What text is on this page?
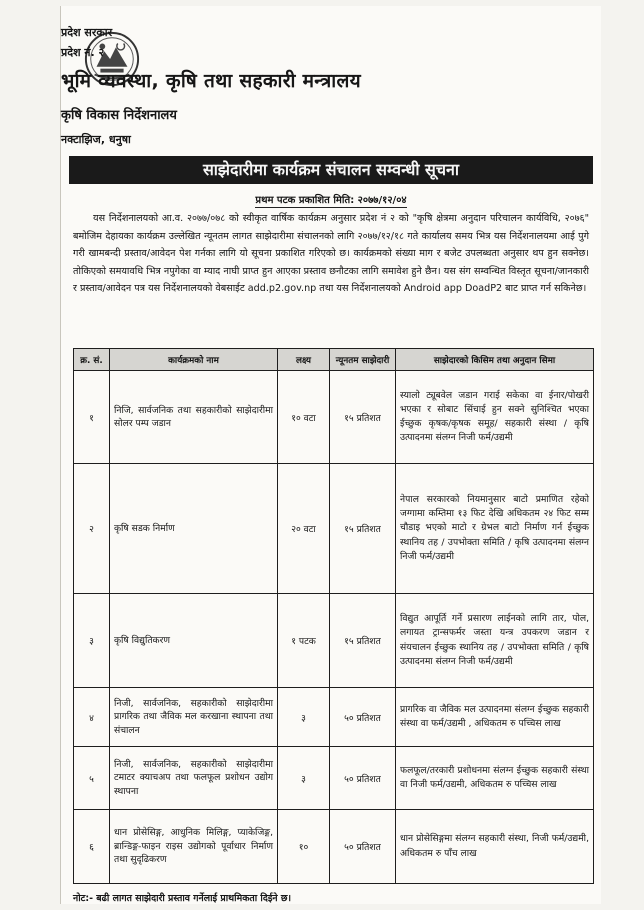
प्रदेश सरकार
प्रदेश नं. २
भूमि व्यवस्था, कृषि तथा सहकारी मन्त्रालय
कृषि विकास निर्देशनालय
नक्टाझिज, धनुषा
साझेदारीमा कार्यक्रम संचालन सम्वन्धी सूचना
प्रथम पटक प्रकाशित मिति: २०७७/१२/०४
यस निर्देशनालयको आ.व. २०७७/०७८ को स्वीकृत वार्षिक कार्यक्रम अनुसार प्रदेश नं २ को "कृषि क्षेत्रमा अनुदान परिचालन कार्यविधि, २०७६" बमोजिम देहायका कार्यक्रम उल्लेखित न्यूनतम लागत साझेदारीमा संचालनको लागि २०७७/१२/१८ गते कार्यालय समय भित्र यस निर्देशनालयमा आई पुगे गरी खामबन्दी प्रस्ताव/आवेदन पेश गर्नका लागि यो सूचना प्रकाशित गरिएको छ। कार्यक्रमको संख्या माग र बजेट उपलब्धता अनुसार थप हुन सक्नेछ। तोकिएको समयावधि भित्र नपुगेका वा म्याद नाघी प्राप्त हुन आएका प्रस्ताव छनौटका लागि समावेश हुने छैन। यस संग सम्वन्धित विस्तृत सूचना/जानकारी र प्रस्ताव/आवेदन पत्र यस निर्देशनालयको वेबसाईट add.p2.gov.np तथा यस निर्देशनालयको Android app DoadP2 बाट प्राप्त गर्न सकिनेछ।
क्र. सं.	कार्यक्रमको नाम	लक्ष्य	न्यूनतम साझेदारी	साझेदारको किसिम तथा अनुदान सिमा
१	निजि, सार्वजनिक तथा सहकारीको साझेदारीमा सोलर पम्प जडान	१० वटा	१५ प्रतिशत	स्यालो ट्यूबवेल जडान गराई सकेका वा ईनार/पोखरी भएका र सोबाट सिंचाई हुन सक्ने सुनिश्चित भएका ईच्छुक कृषक/कृषक समूह/ सहकारी संस्था / कृषि उत्पादनमा संलग्न निजी फर्म/उद्यमी
२	कृषि सडक निर्माण	२० वटा	१५ प्रतिशत	नेपाल सरकारको नियमानुसार बाटो प्रमाणित रहेको जग्गामा कम्तिमा १३ फिट देखि अधिकतम २४ फिट सम्म चौडाइ भएको माटो र ग्रेभल बाटो निर्माण गर्न ईच्छुक स्थानिय तह / उपभोक्ता समिति / कृषि उत्पादनमा संलग्न निजी फर्म/उद्यमी
३	कृषि विद्युतिकरण	१ पटक	१५ प्रतिशत	विद्युत आपूर्ति गर्ने प्रसारण लाईनको लागि तार, पोल, लगायत ट्रान्सफर्मर जस्ता यन्त्र उपकरण जडान र संयचालन ईच्छुक स्थानिय तह / उपभोक्ता समिति / कृषि उत्पादनमा संलग्न निजी फर्म/उद्यमी
४	निजी, सार्वजनिक, सहकारीको साझेदारीमा प्रागरिक तथा जैविक मल करखाना स्थापना तथा संचालन	३	५० प्रतिशत	प्रागरिक वा जैविक मल उत्पादनमा संलग्न ईच्छुक सहकारी संस्था वा फर्म/उद्यमी , अधिकतम रु पच्चिस लाख
५	निजी, सार्वजनिक, सहकारीको साझेदारीमा टमाटर क्याचअप तथा फलफूल प्रशोधन उद्योग स्थापना	३	५० प्रतिशत	फलफूल/तरकारी प्रशोधनमा संलग्न ईच्छुक सहकारी संस्था वा निजी फर्म/उद्यमी, अधिकतम रु पच्चिस लाख
६	धान प्रोसेसिङ्ग, आधुनिक मिलिङ्ग, प्याकेजिङ्ग, ब्रान्डिङ्ग-फाइन राइस उद्योगको पूर्वाधार निर्माण तथा सुदृढिकरण	१०	५० प्रतिशत	धान प्रोसेसिङ्गमा संलग्न सहकारी संस्था, निजी फर्म/उद्यमी, अधिकतम रु पाँच लाख
नोट:- बढी लागत साझेदारी प्रस्ताव गर्नेलाई प्राथमिकता दिईने छ।
